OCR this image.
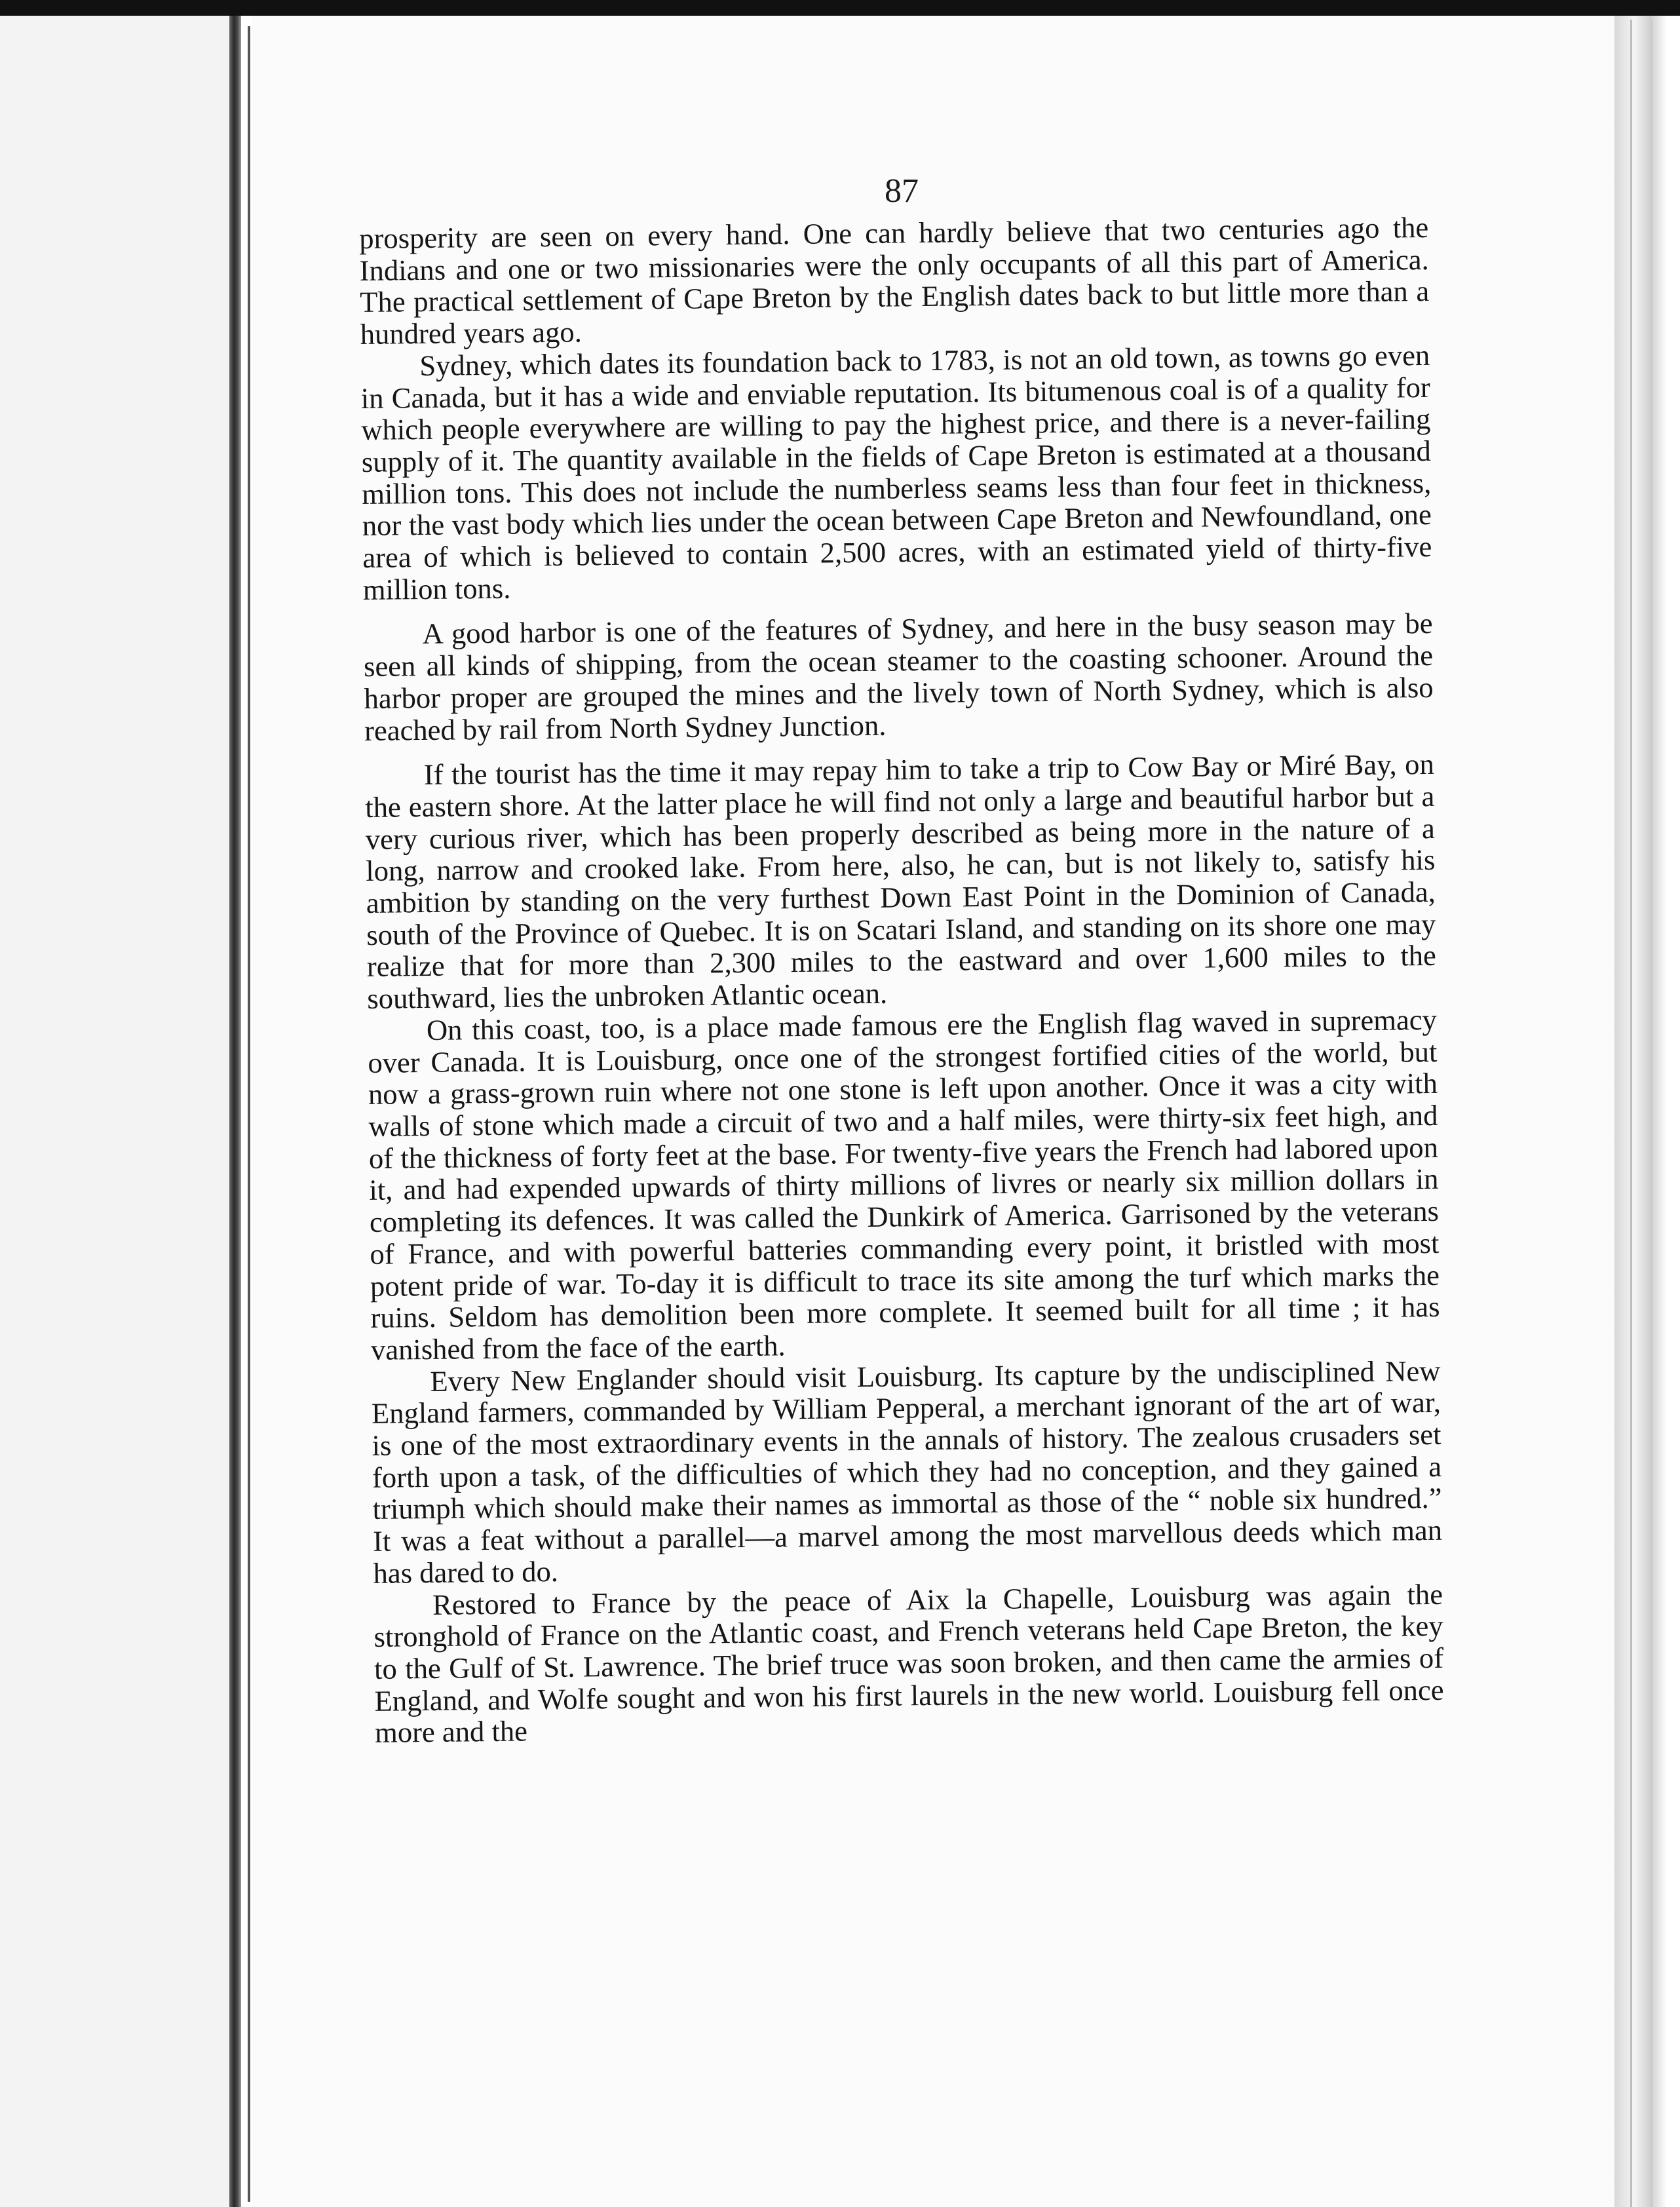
87

prosperity are seen on every hand. One can hardly believe that two centuries ago the Indians and one or two missionaries were the only occupants of all this part of America. The practical settlement of Cape Breton by the English dates back to but little more than a hundred years ago.

Sydney, which dates its foundation back to 1783, is not an old town, as towns go even in Canada, but it has a wide and enviable reputation. Its bitumenous coal is of a quality for which people everywhere are willing to pay the highest price, and there is a never-failing supply of it. The quantity available in the fields of Cape Breton is estimated at a thousand million tons. This does not include the numberless seams less than four feet in thickness, nor the vast body which lies under the ocean between Cape Breton and Newfoundland, one area of which is believed to contain 2,500 acres, with an estimated yield of thirty-five million tons.

A good harbor is one of the features of Sydney, and here in the busy season may be seen all kinds of shipping, from the ocean steamer to the coasting schooner. Around the harbor proper are grouped the mines and the lively town of North Sydney, which is also reached by rail from North Sydney Junction.

If the tourist has the time it may repay him to take a trip to Cow Bay or Miré Bay, on the eastern shore. At the latter place he will find not only a large and beautiful harbor but a very curious river, which has been properly described as being more in the nature of a long, narrow and crooked lake. From here, also, he can, but is not likely to, satisfy his ambition by standing on the very furthest Down East Point in the Dominion of Canada, south of the Province of Quebec. It is on Scatari Island, and standing on its shore one may realize that for more than 2,300 miles to the eastward and over 1,600 miles to the southward, lies the unbroken Atlantic ocean.

On this coast, too, is a place made famous ere the English flag waved in supremacy over Canada. It is Louisburg, once one of the strongest fortified cities of the world, but now a grass-grown ruin where not one stone is left upon another. Once it was a city with walls of stone which made a circuit of two and a half miles, were thirty-six feet high, and of the thickness of forty feet at the base. For twenty-five years the French had labored upon it, and had expended upwards of thirty millions of livres or nearly six million dollars in completing its defences. It was called the Dunkirk of America. Garrisoned by the veterans of France, and with powerful batteries commanding every point, it bristled with most potent pride of war. To-day it is difficult to trace its site among the turf which marks the ruins. Seldom has demolition been more complete. It seemed built for all time ; it has vanished from the face of the earth.

Every New Englander should visit Louisburg. Its capture by the undisciplined New England farmers, commanded by William Pepperal, a merchant ignorant of the art of war, is one of the most extraordinary events in the annals of history. The zealous crusaders set forth upon a task, of the difficulties of which they had no conception, and they gained a triumph which should make their names as immortal as those of the “ noble six hundred.” It was a feat without a parallel—a marvel among the most marvellous deeds which man has dared to do.

Restored to France by the peace of Aix la Chapelle, Louisburg was again the stronghold of France on the Atlantic coast, and French veterans held Cape Breton, the key to the Gulf of St. Lawrence. The brief truce was soon broken, and then came the armies of England, and Wolfe sought and won his first laurels in the new world. Louisburg fell once more and the
